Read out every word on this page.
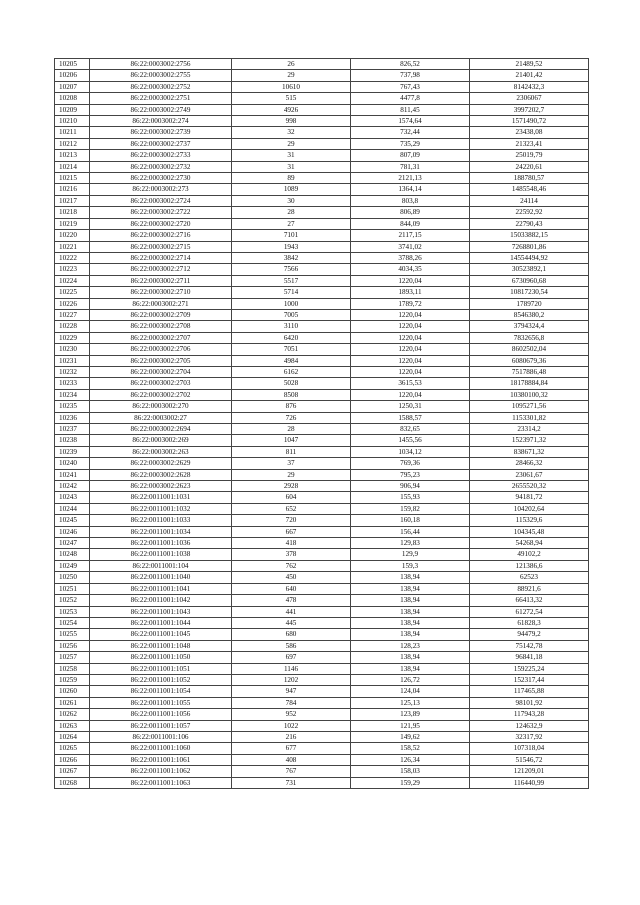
10205	86:22:0003002:2756	26	826,52	21489,52
10206	86:22:0003002:2755	29	737,98	21401,42
10207	86:22:0003002:2752	10610	767,43	8142432,3
10208	86:22:0003002:2751	515	4477,8	2306067
10209	86:22:0003002:2749	4926	811,45	3997202,7
10210	86:22:0003002:274	998	1574,64	1571490,72
10211	86:22:0003002:2739	32	732,44	23438,08
10212	86:22:0003002:2737	29	735,29	21323,41
10213	86:22:0003002:2733	31	807,09	25019,79
10214	86:22:0003002:2732	31	781,31	24220,61
10215	86:22:0003002:2730	89	2121,13	188780,57
10216	86:22:0003002:273	1089	1364,14	1485548,46
10217	86:22:0003002:2724	30	803,8	24114
10218	86:22:0003002:2722	28	806,89	22592,92
10219	86:22:0003002:2720	27	844,09	22790,43
10220	86:22:0003002:2716	7101	2117,15	15033882,15
10221	86:22:0003002:2715	1943	3741,02	7268801,86
10222	86:22:0003002:2714	3842	3788,26	14554494,92
10223	86:22:0003002:2712	7566	4034,35	30523892,1
10224	86:22:0003002:2711	5517	1220,04	6730960,68
10225	86:22:0003002:2710	5714	1893,11	10817230,54
10226	86:22:0003002:271	1000	1789,72	1789720
10227	86:22:0003002:2709	7005	1220,04	8546380,2
10228	86:22:0003002:2708	3110	1220,04	3794324,4
10229	86:22:0003002:2707	6420	1220,04	7832656,8
10230	86:22:0003002:2706	7051	1220,04	8602502,04
10231	86:22:0003002:2705	4984	1220,04	6080679,36
10232	86:22:0003002:2704	6162	1220,04	7517886,48
10233	86:22:0003002:2703	5028	3615,53	18178884,84
10234	86:22:0003002:2702	8508	1220,04	10380100,32
10235	86:22:0003002:270	876	1250,31	1095271,56
10236	86:22:0003002:27	726	1588,57	1153301,82
10237	86:22:0003002:2694	28	832,65	23314,2
10238	86:22:0003002:269	1047	1455,56	1523971,32
10239	86:22:0003002:263	811	1034,12	838671,32
10240	86:22:0003002:2629	37	769,36	28466,32
10241	86:22:0003002:2628	29	795,23	23061,67
10242	86:22:0003002:2623	2928	906,94	2655520,32
10243	86:22:0011001:1031	604	155,93	94181,72
10244	86:22:0011001:1032	652	159,82	104202,64
10245	86:22:0011001:1033	720	160,18	115329,6
10246	86:22:0011001:1034	667	156,44	104345,48
10247	86:22:0011001:1036	418	129,83	54268,94
10248	86:22:0011001:1038	378	129,9	49102,2
10249	86:22:0011001:104	762	159,3	121386,6
10250	86:22:0011001:1040	450	138,94	62523
10251	86:22:0011001:1041	640	138,94	88921,6
10252	86:22:0011001:1042	478	138,94	66413,32
10253	86:22:0011001:1043	441	138,94	61272,54
10254	86:22:0011001:1044	445	138,94	61828,3
10255	86:22:0011001:1045	680	138,94	94479,2
10256	86:22:0011001:1048	586	128,23	75142,78
10257	86:22:0011001:1050	697	138,94	96841,18
10258	86:22:0011001:1051	1146	138,94	159225,24
10259	86:22:0011001:1052	1202	126,72	152317,44
10260	86:22:0011001:1054	947	124,04	117465,88
10261	86:22:0011001:1055	784	125,13	98101,92
10262	86:22:0011001:1056	952	123,89	117943,28
10263	86:22:0011001:1057	1022	121,95	124632,9
10264	86:22:0011001:106	216	149,62	32317,92
10265	86:22:0011001:1060	677	158,52	107318,04
10266	86:22:0011001:1061	408	126,34	51546,72
10267	86:22:0011001:1062	767	158,03	121209,01
10268	86:22:0011001:1063	731	159,29	116440,99
